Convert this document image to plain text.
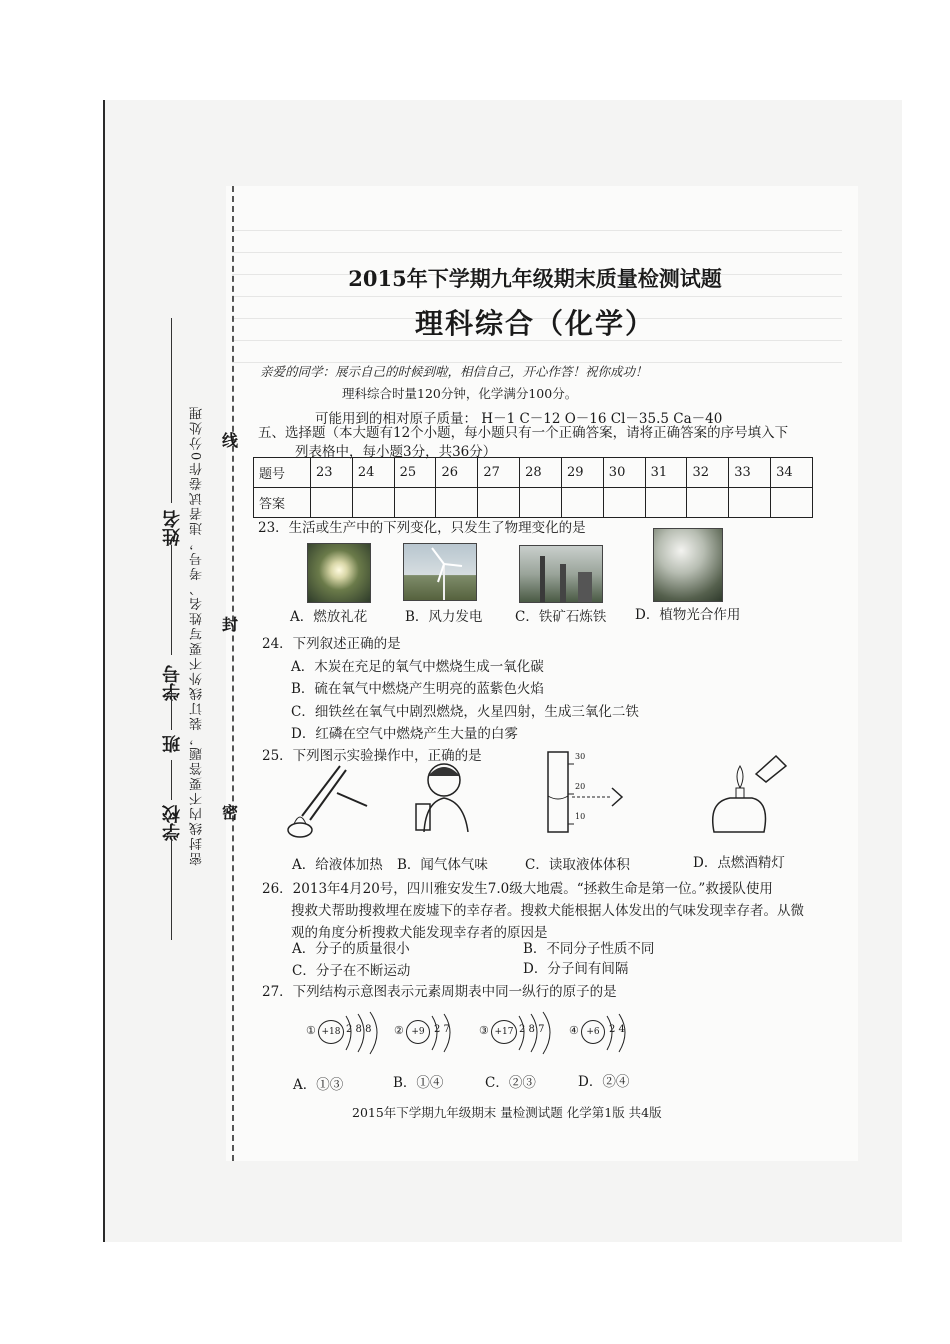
密封线内不要答题，装订线外不要写姓名、考号，违者试卷作0分处理
学校
班
学号
姓名
线
封
密
2015年下学期九年级期末质量检测试题
理科综合（化学）
亲爱的同学：展示自己的时候到啦，相信自己，开心作答！祝你成功！
理科综合时量120分钟，化学满分100分。
可能用到的相对原子质量： H－1 C－12 O－16 Cl－35.5 Ca－40
五、选择题（本大题有12个小题，每小题只有一个正确答案，请将正确答案的序号填入下
列表格中，每小题3分，共36分）
题号	23	24	25	26	27	28	29	30	31	32	33	34
答案												
23．生活或生产中的下列变化，只发生了物理变化的是
A．燃放礼花	B．风力发电 C．铁矿石炼铁 D．植物光合作用
24．下列叙述正确的是
A．木炭在充足的氧气中燃烧生成一氧化碳
B．硫在氧气中燃烧产生明亮的蓝紫色火焰
C．细铁丝在氧气中剧烈燃烧，火星四射，生成三氧化二铁
D．红磷在空气中燃烧产生大量的白雾
25．下列图示实验操作中，正确的是	30
20
10
A．给液体加热 B．闻气体气味	C．读取液体体积	D．点燃酒精灯
26．2013年4月20号，四川雅安发生7.0级大地震。“拯救生命是第一位。”救援队使用
搜救犬帮助搜救埋在废墟下的幸存者。搜救犬能根据人体发出的气味发现幸存者。从微
观的角度分析搜救犬能发现幸存者的原因是
A．分子的质量很小	B．不同分子性质不同
C．分子在不断运动	D．分子间有间隔
27．下列结构示意图表示元素周期表中同一纵行的原子的是
① +18 2 8 8 ② +9 2 7	③ +17 2 8 7 ④ +6 2 4
A．①③	B．①④	C．②③	D．②④
2015年下学期九年级期末 量检测试题 化学第1版 共4版
